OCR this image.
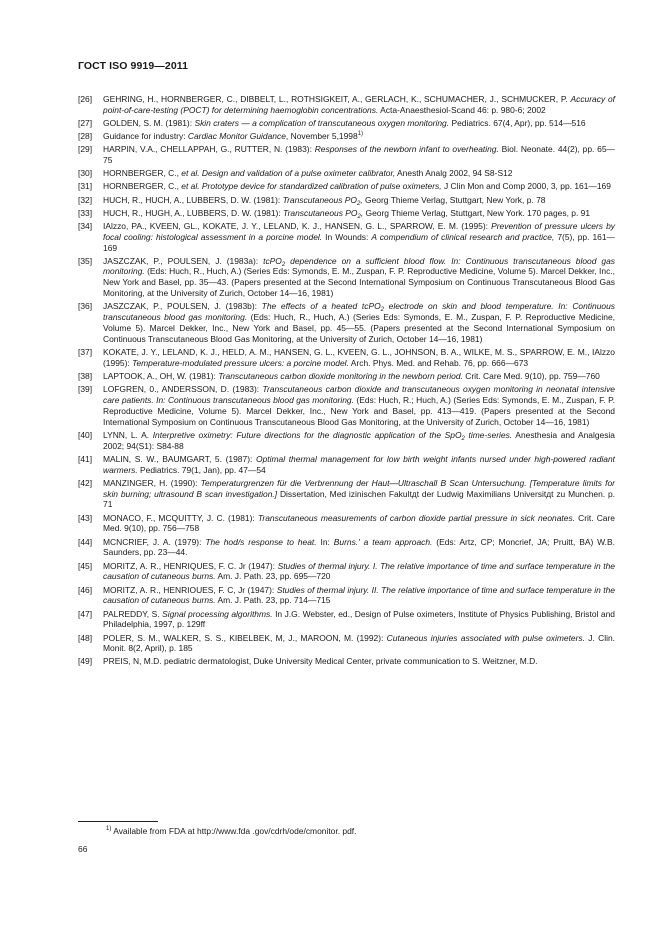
ГОСТ ISO 9919—2011
[26]	GEHRING, H., HORNBERGER, C., DIBBELT, L., ROTHSIGKEIT, A., GERLACH, K., SCHUMACHER, J., SCHMUCKER, P. Accuracy of point-of-care-testing (POCT) for determining haemoglobin concentrations. Acta-Anaesthesiol-Scand 46: p. 980-6; 2002
[27]	GOLDEN, S. M. (1981): Skin craters — a complication of transcutaneous oxygen monitoring. Pediatrics. 67(4, Apr), pp. 514—516
[28]	Guidance for industry: Cardiac Monitor Guidance, November 5,1998$^{1)}$
[29]	HARPIN, V.A., CHELLAPPAH, G., RUTTER, N. (1983): Responses of the newborn infant to overheating. Biol. Neonate. 44(2), pp. 65—75
[30]	HORNBERGER, C., et al. Design and validation of a pulse oximeter calibrator, Anesth Analg 2002, 94 S8-S12
[31]	HORNBERGER, C., et al. Prototype device for standardized calibration of pulse oximeters, J Clin Mon and Comp 2000, 3, pp. 161—169
[32]	HUCH, R., HUCH, A., LUBBERS, D. W. (1981): Transcutaneous $PO_2$, Georg Thieme Verlag, Stuttgart, New York, p. 78
[33]	HUCH, R., HUGH, A., LUBBERS, D. W. (1981): Transcutaneous $PO_2$, Georg Thieme Verlag, Stuttgart, New York. 170 pages, p. 91
[34]	IAlzzo, PA., KVEEN, GL., KOKATE, J. Y., LELAND, K. J., HANSEN, G. L., SPARROW, E. M. (1995): Prevention of pressure ulcers by focal cooling: histological assessment in a porcine model. In Wounds: A compendium of clinical research and practice, 7(5), pp. 161—169
[35]	JASZCZAK, P., POULSEN, J. (1983a): tcPO$_2$ dependence on a sufficient blood flow. In: Continuous transcutaneous blood gas monitoring. (Eds: Huch, R., Huch, A.) (Series Eds: Symonds, E. M., Zuspan, F. P. Reproductive Medicine, Volume 5). Marcel Dekker, Inc., New York and Basel, pp. 35—43. (Papers presented at the Second International Symposium on Continuous Transcutaneous Blood Gas Monitoring, at the University of Zurich, October 14—16, 1981)
[36]	JASZCZAK, P., POULSEN, J. (1983b): The effects of a heated tcPO$_2$ electrode on skin and blood temperature. In: Continuous transcutaneous blood gas monitoring. (Eds: Huch, R., Huch, A.) (Series Eds: Symonds, E. M., Zuspan, F. P. Reproductive Medicine, Volume 5). Marcel Dekker, Inc., New York and Basel, pp. 45—55. (Papers presented at the Second International Symposium on Continuous Transcutaneous Blood Gas Monitoring, at the University of Zurich, October 14—16, 1981)
[37]	KOKATE, J. Y., LELAND, K. J., HELD, A. M., HANSEN, G. L., KVEEN, G. L., JOHNSON, B. A., WILKE, M. S., SPARROW, E. M., IAlzzo (1995): Temperature-modulated pressure ulcers: a porcine model. Arch. Phys. Med. and Rehab. 76, pp. 666—673
[38]	LAPTOOK, A., OH, W. (1981): Transcutaneous carbon dioxide monitoring in the newborn period. Crit. Care Med. 9(10), pp. 759—760
[39]	LOFGREN, 0., ANDERSSON, D. (1983): Transcutaneous carbon dioxide and transcutaneous oxygen monitoring in neonatal intensive care patients. In: Continuous transcutaneous blood gas monitoring. (Eds: Huch, R.; Huch, A.) (Series Eds: Symonds, E. M., Zuspan, F. P. Reproductive Medicine, Volume 5). Marcel Dekker, Inc., New York and Basel, pp. 413—419. (Papers presented at the Second International Symposium on Continuous Transcutaneous Blood Gas Monitoring, at the University of Zurich, October 14—16, 1981)
[40]	LYNN, L. A. Interpretive oximetry: Future directions for the diagnostic application of the SpO$_2$ time-series. Anesthesia and Analgesia 2002; 94(S1): S84-88
[41]	MALIN, S. W., BAUMGART, 5. (1987): Optimal thermal management for low birth weight infants nursed under high-powered radiant warmers. Pediatrics. 79(1, Jan), pp. 47—54
[42]	MANZINGER, H. (1990): Temperaturgrenzen für die Verbrennung der Haut—Ultraschall B Scan Untersuchung. [Temperature limits for skin burning; ultrasound B scan investigation.] Dissertation, Med izinischen Fakultдt der Ludwig Maximilians Universitдt zu Munchen. p. 71
[43]	MONACO, F., MCQUITTY, J. C. (1981): Transcutaneous measurements of carbon dioxide partial pressure in sick neonates. Crit. Care Med. 9(10), pp. 756—758
[44]	MCNCRIEF, J. A. (1979): The hod/s response to heat. In: Burns.' a team approach. (Eds: Artz, CP; Moncrief, JA; Pruitt, BA) W.B. Saunders, pp. 23—44.
[45]	MORITZ, A. R., HENRIQUES, F. C. Jr (1947): Studies of thermal injury. I. The relative importance of time and surface temperature in the causation of cutaneous burns. Am. J. Path. 23, pp. 695—720
[46]	MORITZ, A. R., HENRIOUES, F. C, Jr (1947): Studies of thermal injury. II. The relative importance of time and surface temperature in the causation of cutaneous burns. Am. J. Path. 23, pp. 714—715
[47]	PALREDDY, S. Signal processing algorithms. In J.G. Webster, ed., Design of Pulse oximeters, Institute of Physics Publishing, Bristol and Philadelphia, 1997, p. 129ff
[48]	POLER, S. M., WALKER, S. S., KIBELBEK, M, J., MAROON, M. (1992): Cutaneous injuries associated with pulse oximeters. J. Clin. Monit. 8(2, April), p. 185
[49]	PREIS, N, M.D. pediatric dermatologist, Duke University Medical Center, private communication to S. Weitzner, M.D.
$^{1)}$ Available from FDA at http://www.fda .gov/cdrh/ode/cmonitor. pdf.
66
